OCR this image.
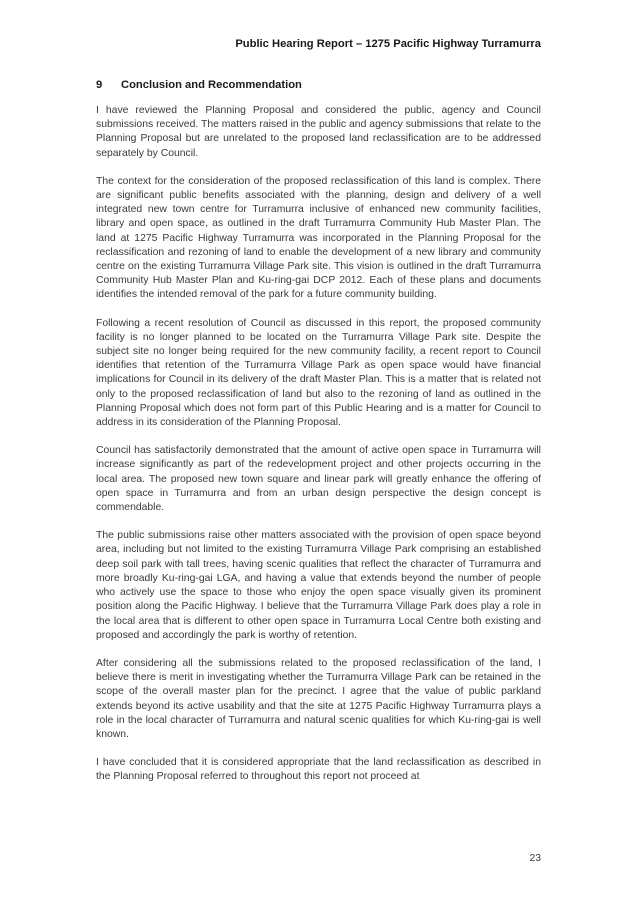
Public Hearing Report – 1275 Pacific Highway Turramurra
9 Conclusion and Recommendation

I have reviewed the Planning Proposal and considered the public, agency and Council submissions received. The matters raised in the public and agency submissions that relate to the Planning Proposal but are unrelated to the proposed land reclassification are to be addressed separately by Council.

The context for the consideration of the proposed reclassification of this land is complex. There are significant public benefits associated with the planning, design and delivery of a well integrated new town centre for Turramurra inclusive of enhanced new community facilities, library and open space, as outlined in the draft Turramurra Community Hub Master Plan. The land at 1275 Pacific Highway Turramurra was incorporated in the Planning Proposal for the reclassification and rezoning of land to enable the development of a new library and community centre on the existing Turramurra Village Park site. This vision is outlined in the draft Turramurra Community Hub Master Plan and Ku-ring-gai DCP 2012. Each of these plans and documents identifies the intended removal of the park for a future community building.

Following a recent resolution of Council as discussed in this report, the proposed community facility is no longer planned to be located on the Turramurra Village Park site. Despite the subject site no longer being required for the new community facility, a recent report to Council identifies that retention of the Turramurra Village Park as open space would have financial implications for Council in its delivery of the draft Master Plan. This is a matter that is related not only to the proposed reclassification of land but also to the rezoning of land as outlined in the Planning Proposal which does not form part of this Public Hearing and is a matter for Council to address in its consideration of the Planning Proposal.

Council has satisfactorily demonstrated that the amount of active open space in Turramurra will increase significantly as part of the redevelopment project and other projects occurring in the local area. The proposed new town square and linear park will greatly enhance the offering of open space in Turramurra and from an urban design perspective the design concept is commendable.

The public submissions raise other matters associated with the provision of open space beyond area, including but not limited to the existing Turramurra Village Park comprising an established deep soil park with tall trees, having scenic qualities that reflect the character of Turramurra and more broadly Ku-ring-gai LGA, and having a value that extends beyond the number of people who actively use the space to those who enjoy the open space visually given its prominent position along the Pacific Highway. I believe that the Turramurra Village Park does play a role in the local area that is different to other open space in Turramurra Local Centre both existing and proposed and accordingly the park is worthy of retention.

After considering all the submissions related to the proposed reclassification of the land, I believe there is merit in investigating whether the Turramurra Village Park can be retained in the scope of the overall master plan for the precinct. I agree that the value of public parkland extends beyond its active usability and that the site at 1275 Pacific Highway Turramurra plays a role in the local character of Turramurra and natural scenic qualities for which Ku-ring-gai is well known.

I have concluded that it is considered appropriate that the land reclassification as described in the Planning Proposal referred to throughout this report not proceed at

23
